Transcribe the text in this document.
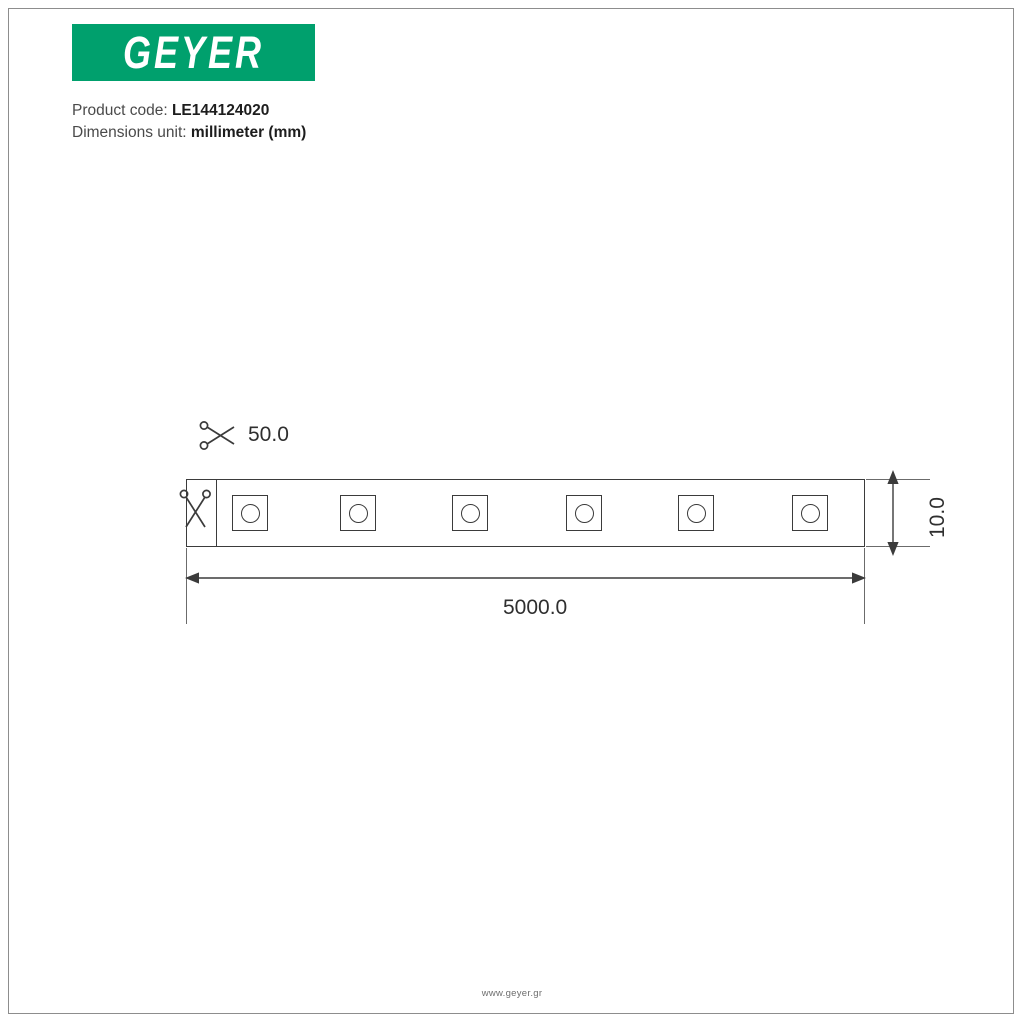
GEYER
Product code: LE144124020
Dimensions unit: millimeter (mm)
50.0
5000.0
10.0
www.geyer.gr
